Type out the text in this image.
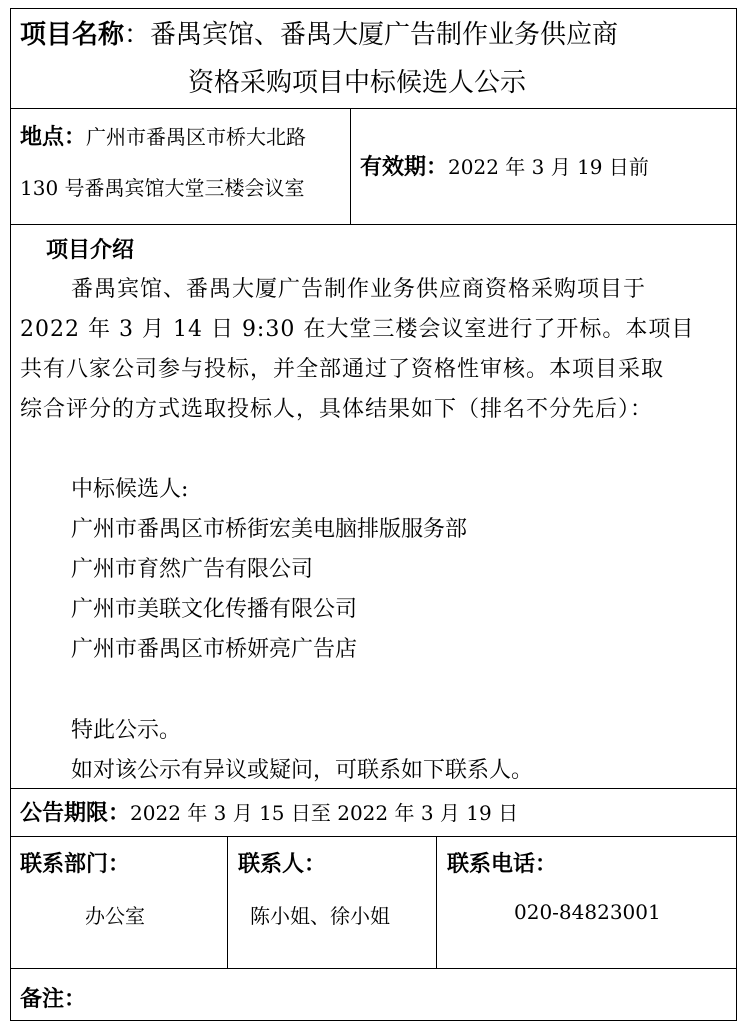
项目名称：番禺宾馆、番禺大厦广告制作业务供应商
资格采购项目中标候选人公示
地点：广州市番禺区市桥大北路
130 号番禺宾馆大堂三楼会议室
有效期：2022 年 3 月 19 日前
项目介绍
番禺宾馆、番禺大厦广告制作业务供应商资格采购项目于
2022 年 3 月 14 日 9:30 在大堂三楼会议室进行了开标。本项目
共有八家公司参与投标，并全部通过了资格性审核。本项目采取
综合评分的方式选取投标人，具体结果如下（排名不分先后）：
中标候选人:
广州市番禺区市桥街宏美电脑排版服务部
广州市育然广告有限公司
广州市美联文化传播有限公司
广州市番禺区市桥妍亮广告店
特此公示。
如对该公示有异议或疑问，可联系如下联系人。
公告期限：2022 年 3 月 15 日至 2022 年 3 月 19 日
联系部门：
办公室
联系人：
陈小姐、徐小姐
联系电话：
020-84823001
备注：
